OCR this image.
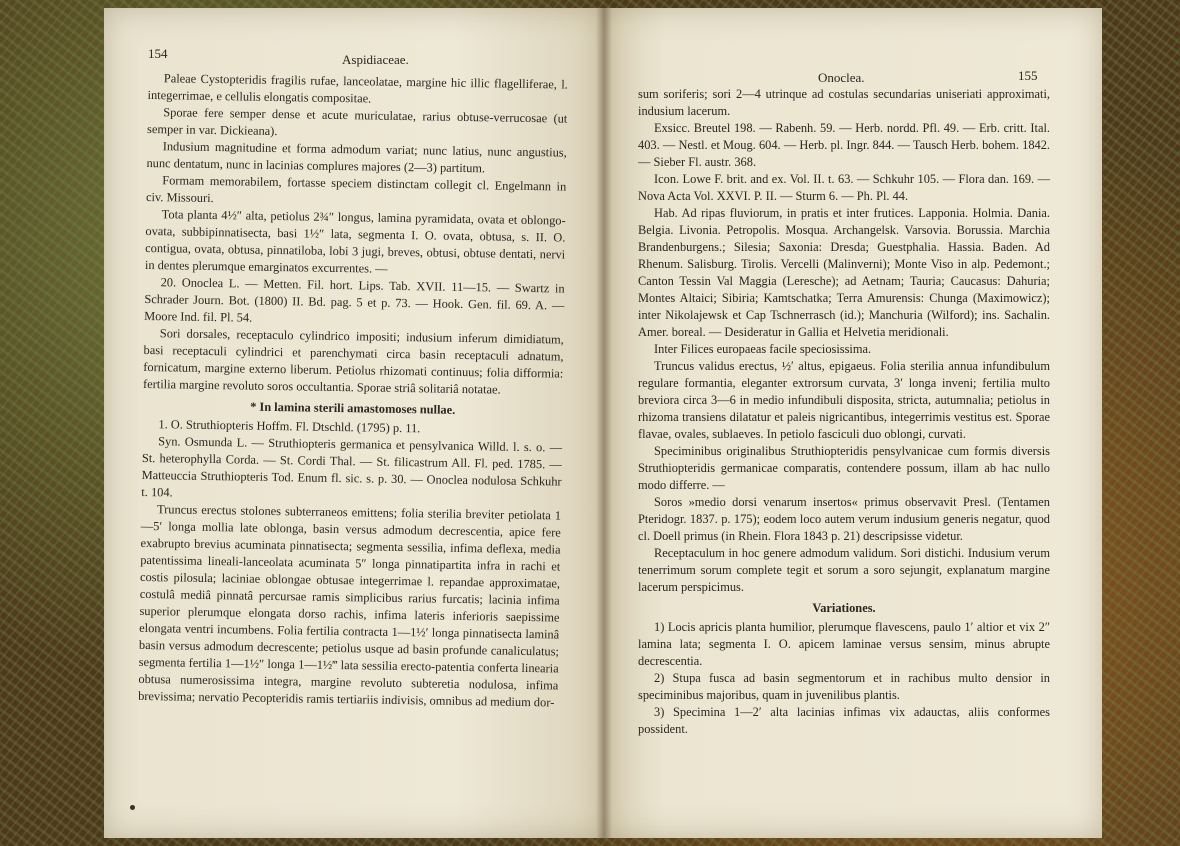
154	Aspidiaceae.
Onoclea.	155

Paleae Cystopteridis fragilis rufae, lanceolatae, margine hic illic flagelliferae, l. integerrimae, e cellulis elongatis compositae.

Sporae fere semper dense et acute muriculatae, rarius obtuse-verrucosae (ut semper in var. Dickieana).

Indusium magnitudine et forma admodum variat; nunc latius, nunc angustius, nunc dentatum, nunc in lacinias complures majores (2—3) partitum.

Formam memorabilem, fortasse speciem distinctam collegit cl. Engelmann in civ. Missouri.

Tota planta 4½″ alta, petiolus 2¾″ longus, lamina pyramidata, ovata et oblongo-ovata, subbipinnatisecta, basi 1½″ lata, segmenta I. O. ovata, obtusa, s. II. O. contigua, ovata, obtusa, pinnatiloba, lobi 3 jugi, breves, obtusi, obtuse dentati, nervi in dentes plerumque emarginatos excurrentes. —

20. Onoclea L. — Metten. Fil. hort. Lips. Tab. XVII. 11—15. — Swartz in Schrader Journ. Bot. (1800) II. Bd. pag. 5 et p. 73. — Hook. Gen. fil. 69. A. — Moore Ind. fil. Pl. 54.

Sori dorsales, receptaculo cylindrico impositi; indusium inferum dimidiatum, basi receptaculi cylindrici et parenchymati circa basin receptaculi adnatum, fornicatum, margine externo liberum. Petiolus rhizomati continuus; folia difformia: fertilia margine revoluto soros occultantia. Sporae striâ solitariâ notatae.

* In lamina sterili amastomoses nullae.

1. O. Struthiopteris Hoffm. Fl. Dtschld. (1795) p. 11.

Syn. Osmunda L. — Struthiopteris germanica et pensylvanica Willd. l. s. o. — St. heterophylla Corda. — St. Cordi Thal. — St. filicastrum All. Fl. ped. 1785. — Matteuccia Struthiopteris Tod. Enum fl. sic. s. p. 30. — Onoclea nodulosa Schkuhr t. 104.

Truncus erectus stolones subterraneos emittens; folia sterilia breviter petiolata 1—5′ longa mollia late oblonga, basin versus admodum decrescentia, apice fere exabrupto brevius acuminata pinnatisecta; segmenta sessilia, infima deflexa, media patentissima lineali-lanceolata acuminata 5″ longa pinnatipartita infra in rachi et costis pilosula; laciniae oblongae obtusae integerrimae l. repandae approximatae, costulâ mediâ pinnatâ percursae ramis simplicibus rarius furcatis; lacinia infima superior plerumque elongata dorso rachis, infima lateris inferioris saepissime elongata ventri incumbens. Folia fertilia contracta 1—1½′ longa pinnatisecta laminâ basin versus admodum decrescente; petiolus usque ad basin profunde canaliculatus; segmenta fertilia 1—1½″ longa 1—1½‴ lata sessilia erecto-patentia conferta linearia obtusa numerosissima integra, margine revoluto subteretia nodulosa, infima brevissima; nervatio Pecopteridis ramis tertiariis indivisis, omnibus ad medium dor-

sum soriferis; sori 2—4 utrinque ad costulas secundarias uniseriati approximati, indusium lacerum.

Exsicc. Breutel 198. — Rabenh. 59. — Herb. nordd. Pfl. 49. — Erb. critt. Ital. 403. — Nestl. et Moug. 604. — Herb. pl. Ingr. 844. — Tausch Herb. bohem. 1842. — Sieber Fl. austr. 368.

Icon. Lowe F. brit. and ex. Vol. II. t. 63. — Schkuhr 105. — Flora dan. 169. — Nova Acta Vol. XXVI. P. II. — Sturm 6. — Ph. Pl. 44.

Hab. Ad ripas fluviorum, in pratis et inter frutices. Lapponia. Holmia. Dania. Belgia. Livonia. Petropolis. Mosqua. Archangelsk. Varsovia. Borussia. Marchia Brandenburgens.; Silesia; Saxonia: Dresda; Guestphalia. Hassia. Baden. Ad Rhenum. Salisburg. Tirolis. Vercelli (Malinverni); Monte Viso in alp. Pedemont.; Canton Tessin Val Maggia (Leresche); ad Aetnam; Tauria; Caucasus: Dahuria; Montes Altaici; Sibiria; Kamtschatka; Terra Amurensis: Chunga (Maximowicz); inter Nikolajewsk et Cap Tschnerrasch (id.); Manchuria (Wilford); ins. Sachalin. Amer. boreal. — Desideratur in Gallia et Helvetia meridionali.

Inter Filices europaeas facile speciosissima.

Truncus validus erectus, ½′ altus, epigaeus. Folia sterilia annua infundibulum regulare formantia, eleganter extrorsum curvata, 3′ longa inveni; fertilia multo breviora circa 3—6 in medio infundibuli disposita, stricta, autumnalia; petiolus in rhizoma transiens dilatatur et paleis nigricantibus, integerrimis vestitus est. Sporae flavae, ovales, sublaeves. In petiolo fasciculi duo oblongi, curvati.

Speciminibus originalibus Struthiopteridis pensylvanicae cum formis diversis Struthiopteridis germanicae comparatis, contendere possum, illam ab hac nullo modo differre. —

Soros »medio dorsi venarum insertos« primus observavit Presl. (Tentamen Pteridogr. 1837. p. 175); eodem loco autem verum indusium generis negatur, quod cl. Doell primus (in Rhein. Flora 1843 p. 21) descripsisse videtur.

Receptaculum in hoc genere admodum validum. Sori distichi. Indusium verum tenerrimum sorum complete tegit et sorum a soro sejungit, explanatum margine lacerum perspicimus.

Variationes.

1) Locis apricis planta humilior, plerumque flavescens, paulo 1′ altior et vix 2″ lamina lata; segmenta I. O. apicem laminae versus sensim, minus abrupte decrescentia.

2) Stupa fusca ad basin segmentorum et in rachibus multo densior in speciminibus majoribus, quam in juvenilibus plantis.

3) Specimina 1—2′ alta lacinias infimas vix adauctas, aliis conformes possident.
